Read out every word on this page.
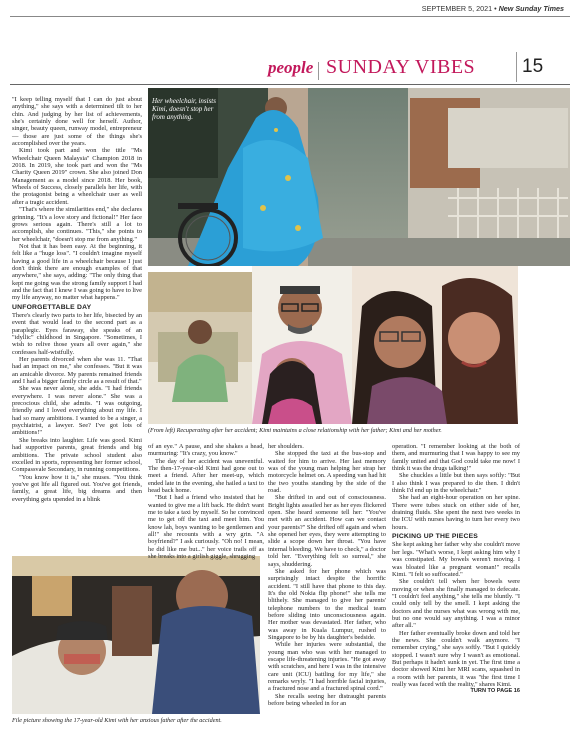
SEPTEMBER 5, 2021 • New Sunday Times
people SUNDAY VIBES 15
Her wheelchair, insists Kimi, doesn't stop her from anything.
(From left) Recuperating after her accident; Kimi maintains a close relationship with her father; Kimi and her mother.
File picture showing the 17-year-old Kimi with her anxious father after the accident.

"I keep telling myself that I can do just about anything," she says with a determined tilt to her chin. And judging by her list of achievements, she's certainly done well for herself. Author, singer, beauty queen, runway model, entrepreneur — those are just some of the things she's accomplished over the years.

Kimi took part and won the title "Ms Wheelchair Queen Malaysia" Champion 2018 in 2018. In 2019, she took part and won the "Ms Charity Queen 2019" crown. She also joined Don Management as a model since 2018. Her book, Wheels of Success, closely parallels her life, with the protagonist being a wheelchair user as well after a tragic accident.

"That's where the similarities end," she declares grinning. "It's a love story and fictional!" Her face grows serious again. There's still a lot to accomplish, she continues. "This," she points to her wheelchair, "doesn't stop me from anything."

Not that it has been easy. At the beginning, it felt like a "huge loss". "I couldn't imagine myself having a good life in a wheelchair because I just don't think there are enough examples of that anywhere," she says, adding: "The only thing that kept me going was the strong family support I had and the fact that I knew I was going to have to live my life anyway, no matter what happens."

UNFORGETTABLE DAY

There's clearly two parts to her life, bisected by an event that would lead to the second part as a paraplegic. Eyes faraway, she speaks of an "idyllic" childhood in Singapore. "Sometimes, I wish to relive those years all over again," she confesses half-wistfully.

Her parents divorced when she was 11. "That had an impact on me," she confesses. "But it was an amicable divorce. My parents remained friends and I had a bigger family circle as a result of that."

She was never alone, she adds. "I had friends everywhere. I was never alone." She was a precocious child, she admits. "I was outgoing, friendly and I loved everything about my life. I had so many ambitions. I wanted to be a singer, a psychiatrist, a lawyer. See? I've got lots of ambitions!"

She breaks into laughter. Life was good. Kimi had supportive parents, great friends and big ambitions. The private school student also excelled in sports, representing her former school, Compassvale Secondary, in running competitions.

"You know how it is," she muses. "You think you've got life all figured out. You've got friends, family, a great life, big dreams and then everything gets upended in a blink

of an eye." A pause, and she shakes a head, murmuring: "It's crazy, you know."

The day of her accident was uneventful. The then-17-year-old Kimi had gone out to meet a friend. After her meet-up, which ended late in the evening, she hailed a taxi to head back home.

"But I had a friend who insisted that he wanted to give me a lift back. He didn't want me to take a taxi by myself. So he convinced me to get off the taxi and meet him. You know lah, boys wanting to be gentlemen and all!" she recounts with a wry grin. "A boyfriend?" I ask curiously. "Oh no! I mean, he did like me but..." her voice trails off as she breaks into a girlish giggle, shrugging

her shoulders.

She stopped the taxi at the bus-stop and waited for him to arrive. Her last memory was of the young man helping her strap her motorcycle helmet on. A speeding van had hit the two youths standing by the side of the road.

She drifted in and out of consciousness. Bright lights assailed her as her eyes flickered open. She heard someone tell her: "You've met with an accident. How can we contact your parents?" She drifted off again and when she opened her eyes, they were attempting to slide a scope down her throat. "You have internal bleeding. We have to check," a doctor told her. "Everything felt so surreal," she says, shuddering.

She asked for her phone which was surprisingly intact despite the horrific accident. "I still have that phone to this day. It's the old Nokia flip phone!" she tells me blithely. She managed to give her parents' telephone numbers to the medical team before sliding into unconsciousness again. Her mother was devastated. Her father, who was away in Kuala Lumpur, rushed to Singapore to be by his daughter's bedside.

While her injuries were substantial, the young man who was with her managed to escape life-threatening injuries. "He got away with scratches, and here I was in the intensive care unit (ICU) battling for my life," she remarks wryly. "I had horrible facial injuries, a fractured nose and a fractured spinal cord."

She recalls seeing her distraught parents before being wheeled in for an

operation. "I remember looking at the both of them, and murmuring that I was happy to see my family united and that God could take me now! I think it was the drugs talking!"

She chuckles a little but then says softly: "But I also think I was prepared to die then. I didn't think I'd end up in the wheelchair."

She had an eight-hour operation on her spine. There were tubes stuck on either side of her, draining fluids. She spent the next two weeks in the ICU with nurses having to turn her every two hours.

PICKING UP THE PIECES

She kept asking her father why she couldn't move her legs. "What's worse, I kept asking him why I was constipated. My bowels weren't moving. I was bloated like a pregnant woman!" recalls Kimi. "I felt so suffocated."

She couldn't tell when her bowels were moving or when she finally managed to defecate. "I couldn't feel anything," she tells me bluntly. "I could only tell by the smell. I kept asking the doctors and the nurses what was wrong with me, but no one would say anything. I was a minor after all."

Her father eventually broke down and told her the news. She couldn't walk anymore. "I remember crying," she says softly. "But I quickly stopped. I wasn't sure why I wasn't as emotional. But perhaps it hadn't sunk in yet. The first time a doctor showed Kimi her MRI scans, squashed in a room with her parents, it was "the first time I really was faced with the reality," shares Kimi.

TURN TO PAGE 16
